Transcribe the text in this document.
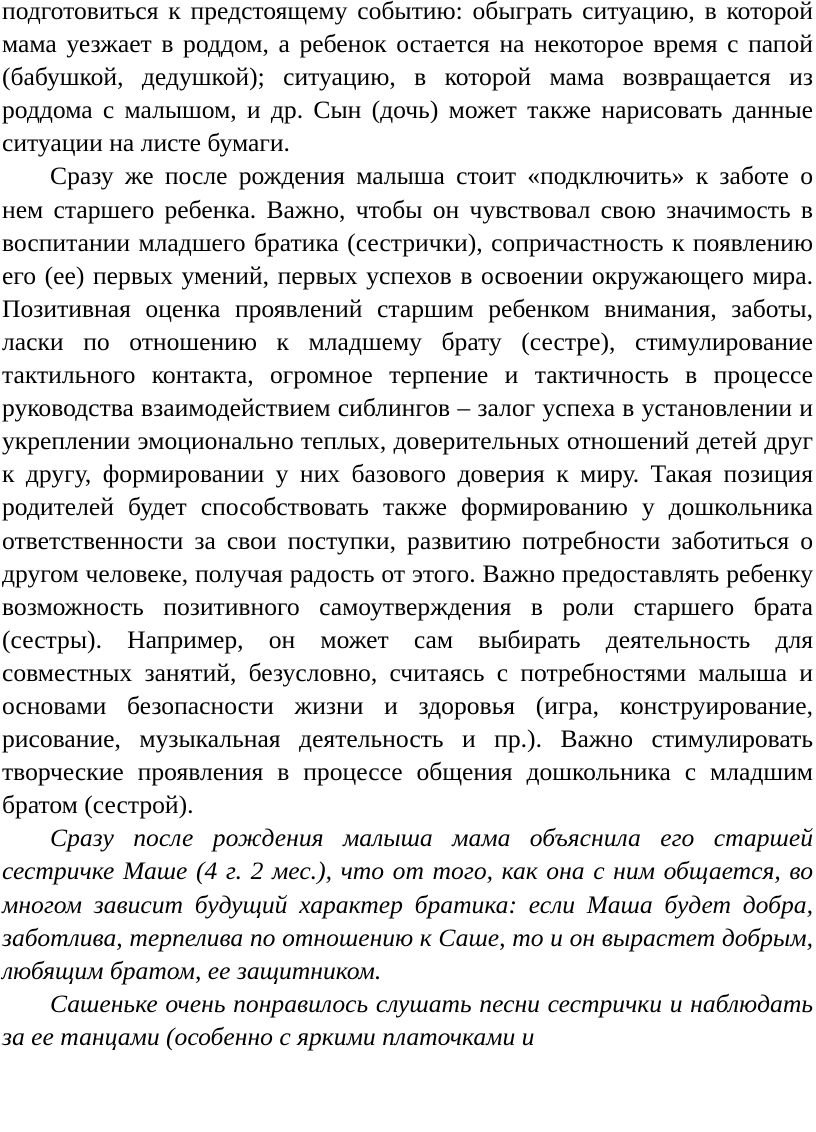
подготовиться к предстоящему событию: обыграть ситуацию, в которой мама уезжает в роддом, а ребенок остается на некоторое время с папой (бабушкой, дедушкой); ситуацию, в которой мама возвращается из роддома с малышом, и др. Сын (дочь) может также нарисовать данные ситуации на листе бумаги.

Сразу же после рождения малыша стоит «подключить» к заботе о нем старшего ребенка. Важно, чтобы он чувствовал свою значимость в воспитании младшего братика (сестрички), сопричастность к появлению его (ее) первых умений, первых успехов в освоении окружающего мира. Позитивная оценка проявлений старшим ребенком внимания, заботы, ласки по отношению к младшему брату (сестре), стимулирование тактильного контакта, огромное терпение и тактичность в процессе руководства взаимодействием сиблингов – залог успеха в установлении и укреплении эмоционально теплых, доверительных отношений детей друг к другу, формировании у них базового доверия к миру. Такая позиция родителей будет способствовать также формированию у дошкольника ответственности за свои поступки, развитию потребности заботиться о другом человеке, получая радость от этого. Важно предоставлять ребенку возможность позитивного самоутверждения в роли старшего брата (сестры). Например, он может сам выбирать деятельность для совместных занятий, безусловно, считаясь с потребностями малыша и основами безопасности жизни и здоровья (игра, конструирование, рисование, музыкальная деятельность и пр.). Важно стимулировать творческие проявления в процессе общения дошкольника с младшим братом (сестрой).

Сразу после рождения малыша мама объяснила его старшей сестричке Маше (4 г. 2 мес.), что от того, как она с ним общается, во многом зависит будущий характер братика: если Маша будет добра, заботлива, терпелива по отношению к Саше, то и он вырастет добрым, любящим братом, ее защитником.

Сашеньке очень понравилось слушать песни сестрички и наблюдать за ее танцами (особенно с яркими платочками и
